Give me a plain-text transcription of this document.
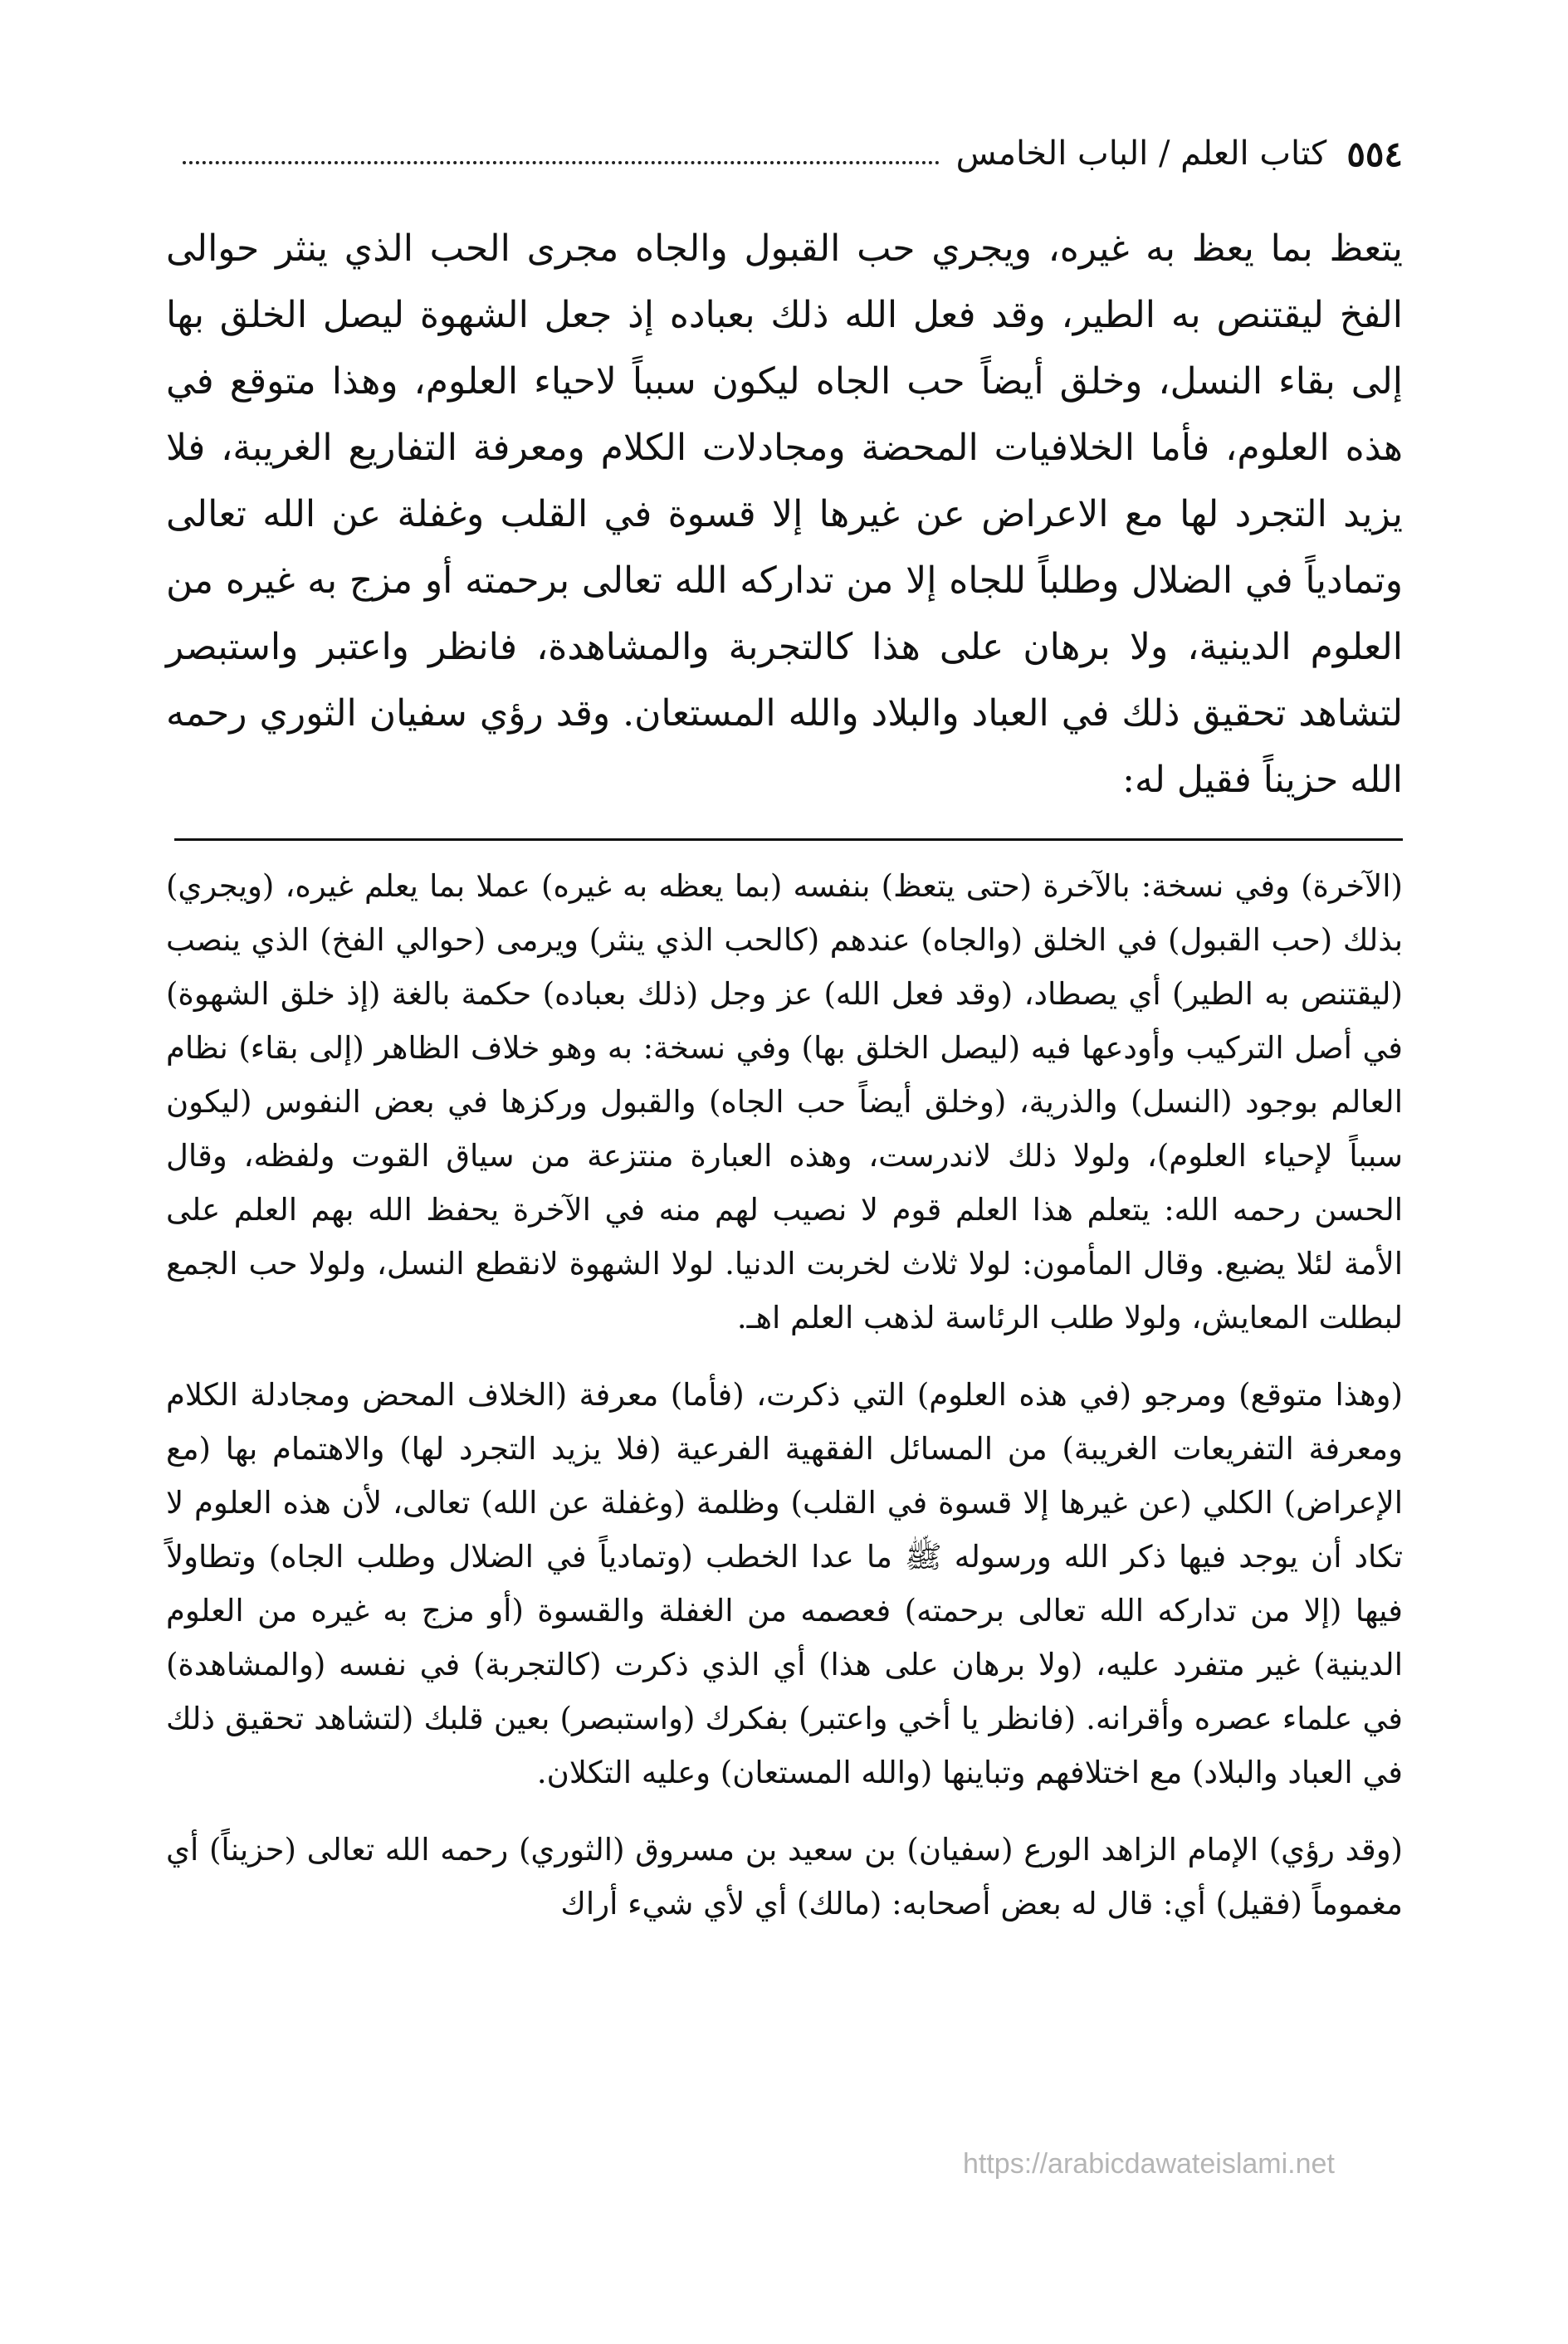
٥٥٤
كتاب العلم / الباب الخامس

يتعظ بما يعظ به غيره، ويجري حب القبول والجاه مجرى الحب الذي ينثر حوالى الفخ ليقتنص به الطير، وقد فعل الله ذلك بعباده إذ جعل الشهوة ليصل الخلق بها إلى بقاء النسل، وخلق أيضاً حب الجاه ليكون سبباً لاحياء العلوم، وهذا متوقع في هذه العلوم، فأما الخلافيات المحضة ومجادلات الكلام ومعرفة التفاريع الغريبة، فلا يزيد التجرد لها مع الاعراض عن غيرها إلا قسوة في القلب وغفلة عن الله تعالى وتمادياً في الضلال وطلباً للجاه إلا من تداركه الله تعالى برحمته أو مزج به غيره من العلوم الدينية، ولا برهان على هذا كالتجربة والمشاهدة، فانظر واعتبر واستبصر لتشاهد تحقيق ذلك في العباد والبلاد والله المستعان. وقد رؤي سفيان الثوري رحمه الله حزيناً فقيل له:

(الآخرة) وفي نسخة: بالآخرة (حتى يتعظ) بنفسه (بما يعظه به غيره) عملا بما يعلم غيره، (ويجري) بذلك (حب القبول) في الخلق (والجاه) عندهم (كالحب الذي ينثر) ويرمى (حوالي الفخ) الذي ينصب (ليقتنص به الطير) أي يصطاد، (وقد فعل الله) عز وجل (ذلك بعباده) حكمة بالغة (إذ خلق الشهوة) في أصل التركيب وأودعها فيه (ليصل الخلق بها) وفي نسخة: به وهو خلاف الظاهر (إلى بقاء) نظام العالم بوجود (النسل) والذرية، (وخلق أيضاً حب الجاه) والقبول وركزها في بعض النفوس (ليكون سبباً لإحياء العلوم)، ولولا ذلك لاندرست، وهذه العبارة منتزعة من سياق القوت ولفظه، وقال الحسن رحمه الله: يتعلم هذا العلم قوم لا نصيب لهم منه في الآخرة يحفظ الله بهم العلم على الأمة لئلا يضيع. وقال المأمون: لولا ثلاث لخربت الدنيا. لولا الشهوة لانقطع النسل، ولولا حب الجمع لبطلت المعايش، ولولا طلب الرئاسة لذهب العلم اهـ.

(وهذا متوقع) ومرجو (في هذه العلوم) التي ذكرت، (فأما) معرفة (الخلاف المحض ومجادلة الكلام ومعرفة التفريعات الغريبة) من المسائل الفقهية الفرعية (فلا يزيد التجرد لها) والاهتمام بها (مع الإعراض) الكلي (عن غيرها إلا قسوة في القلب) وظلمة (وغفلة عن الله) تعالى، لأن هذه العلوم لا تكاد أن يوجد فيها ذكر الله ورسوله ﷺ ما عدا الخطب (وتمادياً في الضلال وطلب الجاه) وتطاولاً فيها (إلا من تداركه الله تعالى برحمته) فعصمه من الغفلة والقسوة (أو مزج به غيره من العلوم الدينية) غير متفرد عليه، (ولا برهان على هذا) أي الذي ذكرت (كالتجربة) في نفسه (والمشاهدة) في علماء عصره وأقرانه. (فانظر يا أخي واعتبر) بفكرك (واستبصر) بعين قلبك (لتشاهد تحقيق ذلك في العباد والبلاد) مع اختلافهم وتباينها (والله المستعان) وعليه التكلان.

(وقد رؤي) الإمام الزاهد الورع (سفيان) بن سعيد بن مسروق (الثوري) رحمه الله تعالى (حزيناً) أي مغموماً (فقيل) أي: قال له بعض أصحابه: (مالك) أي لأي شيء أراك

https://arabicdawateislami.net
